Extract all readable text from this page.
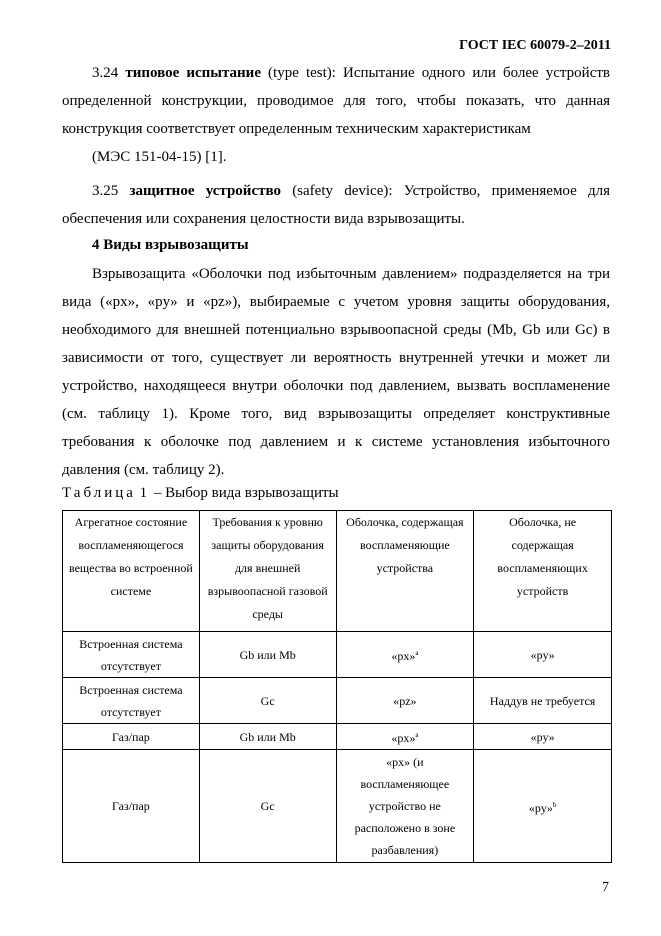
ГОСТ IEC 60079-2–2011
3.24 типовое испытание (type test): Испытание одного или более устройств определенной конструкции, проводимое для того, чтобы показать, что данная конструкция соответствует определенным техническим характеристикам
(МЭС 151-04-15) [1].
3.25 защитное устройство (safety device): Устройство, применяемое для обеспечения или сохранения целостности вида взрывозащиты.
4 Виды взрывозащиты
Взрывозащита «Оболочки под избыточным давлением» подразделяется на три вида («px», «py» и «pz»), выбираемые с учетом уровня защиты оборудования, необходимого для внешней потенциально взрывоопасной среды (Mb, Gb или Gc) в зависимости от того, существует ли вероятность внутренней утечки и может ли устройство, находящееся внутри оболочки под давлением, вызвать воспламенение (см. таблицу 1). Кроме того, вид взрывозащиты определяет конструктивные требования к оболочке под давлением и к системе установления избыточного давления (см. таблицу 2).
Таблица 1 – Выбор вида взрывозащиты
Агрегатное состояние воспламеняющегося вещества во встроенной системе	Требования к уровню защиты оборудования для внешней взрывоопасной газовой среды	Оболочка, содержащая воспламеняющие устройства	Оболочка, не содержащая воспламеняющих устройств
Встроенная система отсутствует	Gb или Mb	«px»$^a$	«py»
Встроенная система отсутствует	Gc	«pz»	Наддув не требуется
Газ/пар	Gb или Mb	«px»$^a$	«py»
Газ/пар	Gc	«px» (и воспламеняющее устройство не расположено в зоне разбавления)	«py»$^b$
7
